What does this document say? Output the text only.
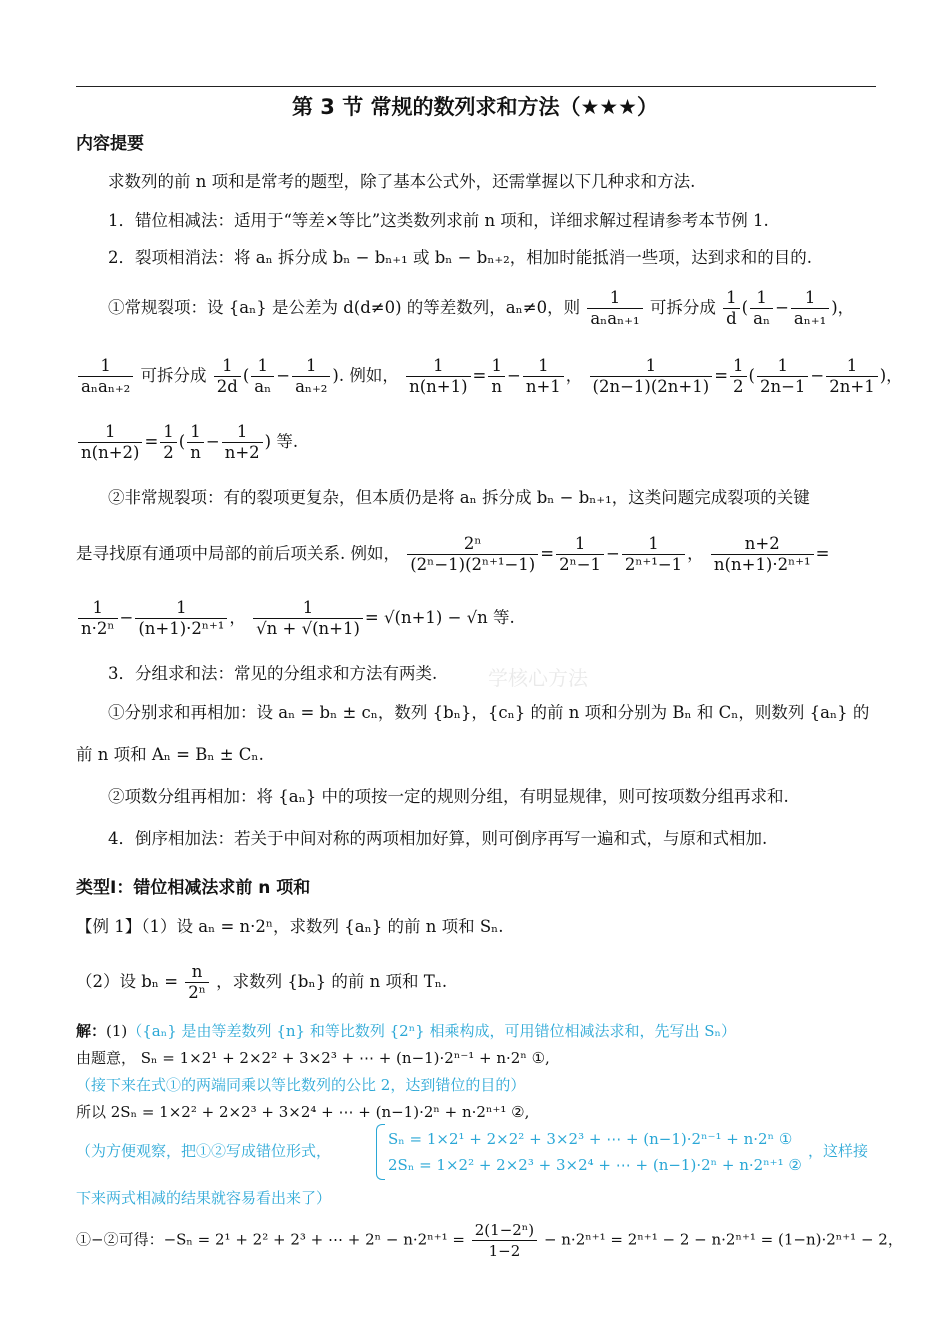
第 3 节 常规的数列求和方法（★★★）
内容提要
求数列的前 n 项和是常考的题型，除了基本公式外，还需掌握以下几种求和方法.
1．错位相减法：适用于“等差×等比”这类数列求前 n 项和，详细求解过程请参考本节例 1.
2．裂项相消法：将 aₙ 拆分成 bₙ − bₙ₊₁ 或 bₙ − bₙ₊₂，相加时能抵消一些项，达到求和的目的.
①常规裂项：设 {aₙ} 是公差为 d(d≠0) 的等差数列，aₙ≠0，则 $\frac{1}{\text{aₙaₙ₊₁}}$ 可拆分成 $\frac{1}{d}$ ( $\frac{1}{\text{aₙ}} - \frac{1}{\text{aₙ₊₁}}$ )，
$\frac{1}{\text{aₙaₙ₊₂}}$ 可拆分成 $\frac{1}{2d}$ ( $\frac{1}{\text{aₙ}} - \frac{1}{\text{aₙ₊₂}}$ ). 例如， $\frac{1}{n(n+1)} = \frac{1}{n} - \frac{1}{n+1}$ ， $\frac{1}{(2n-1)(2n+1)} = \frac{1}{2}$ ( $\frac{1}{2n-1} - \frac{1}{2n+1}$ )，
$\frac{1}{n(n+2)} = \frac{1}{2}$ ( $\frac{1}{n} - \frac{1}{n+2}$ ) 等.
②非常规裂项：有的裂项更复杂，但本质仍是将 aₙ 拆分成 bₙ − bₙ₊₁，这类问题完成裂项的关键
是寻找原有通项中局部的前后项关系. 例如， $\frac{\text{2ⁿ}}{\text{(2ⁿ−1)(2ⁿ⁺¹−1)}} = \frac{1}{\text{2ⁿ−1}} - \frac{1}{\text{2ⁿ⁺¹−1}}$ ， $\frac{n+2}{\text{n(n+1)·2ⁿ⁺¹}}$ =
$\frac{1}{\text{n·2ⁿ}} - \frac{1}{\text{(n+1)·2ⁿ⁺¹}}$ ， $\frac{1}{√n + √(n+1)} = √(n+1) - √n$ 等.
学核心方法
3．分组求和法：常见的分组求和方法有两类.
①分别求和再相加：设 aₙ = bₙ ± cₙ，数列 {bₙ}，{cₙ} 的前 n 项和分别为 Bₙ 和 Cₙ，则数列 {aₙ} 的
前 n 项和 Aₙ = Bₙ ± Cₙ.
②项数分组再相加：将 {aₙ} 中的项按一定的规则分组，有明显规律，则可按项数分组再求和.
4．倒序相加法：若关于中间对称的两项相加好算，则可倒序再写一遍和式，与原和式相加.
类型Ⅰ：错位相减法求前 n 项和
【例 1】（1）设 aₙ = n·2ⁿ，求数列 {aₙ} 的前 n 项和 Sₙ.
（2）设 $b_n = \frac{n}{\text{2ⁿ}}$ ，求数列 {bₙ} 的前 n 项和 Tₙ.
解：(1)（{aₙ} 是由等差数列 {n} 和等比数列 {2ⁿ} 相乘构成，可用错位相减法求和，先写出 Sₙ）
由题意， Sₙ = 1×2¹ + 2×2² + 3×2³ + ⋯ + (n−1)·2ⁿ⁻¹ + n·2ⁿ ①,
（接下来在式①的两端同乘以等比数列的公比 2，达到错位的目的）
所以 2Sₙ = 1×2² + 2×2³ + 3×2⁴ + ⋯ + (n−1)·2ⁿ + n·2ⁿ⁺¹ ②,
（为方便观察，把①②写成错位形式，
Sₙ = 1×2¹ + 2×2² + 3×2³ + ⋯ + (n−1)·2ⁿ⁻¹ + n·2ⁿ ①
2Sₙ = 1×2² + 2×2³ + 3×2⁴ + ⋯ + (n−1)·2ⁿ + n·2ⁿ⁺¹ ②
，这样接
下来两式相减的结果就容易看出来了）
①−②可得：−Sₙ = 2¹ + 2² + 2³ + ⋯ + $2^n - n\cdot 2^{n+1} = \frac{\text{2(1−2ⁿ)}}{1-2} - n\cdot 2^{n+1} = 2^{n+1} - 2 - n\cdot 2^{n+1} = (1-n)\cdot 2^{n+1} - 2$，
